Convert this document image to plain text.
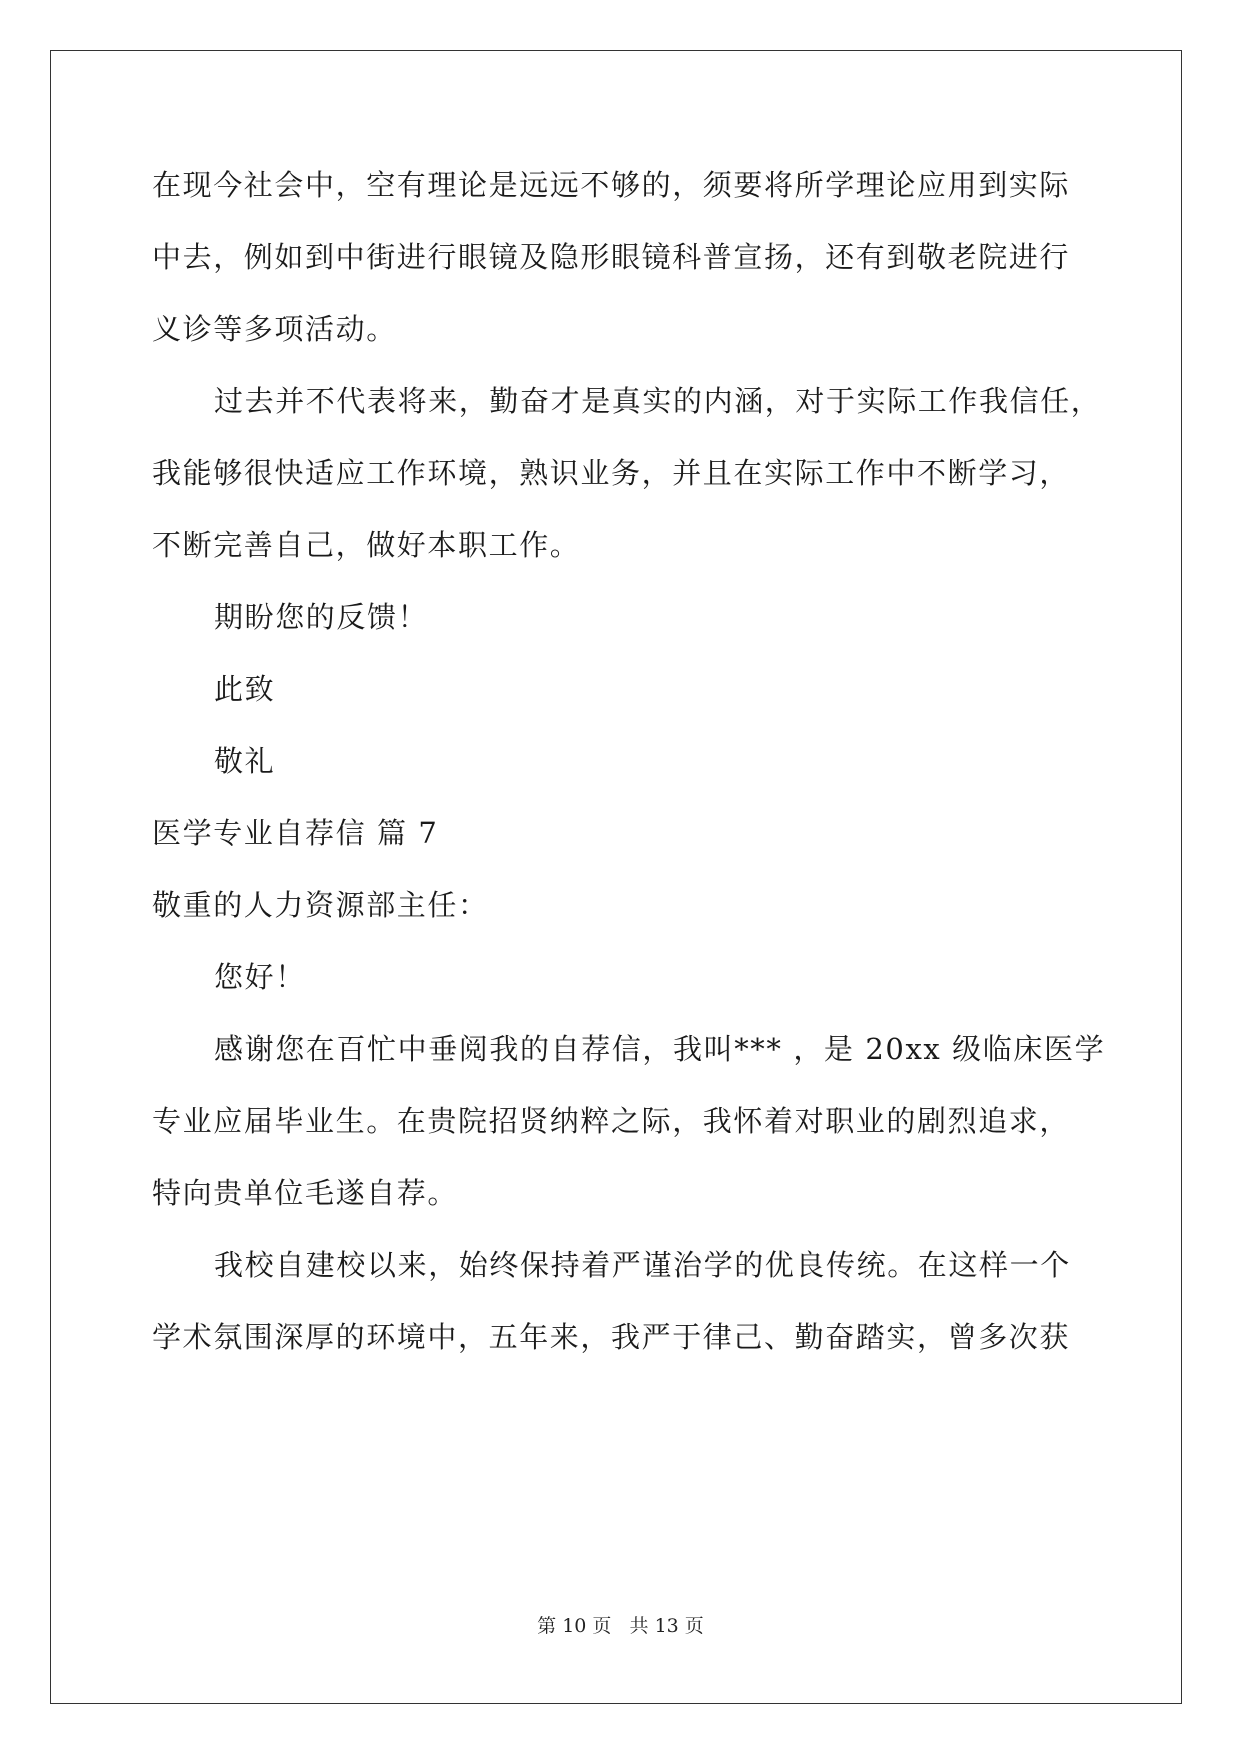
在现今社会中，空有理论是远远不够的，须要将所学理论应用到实际
中去，例如到中街进行眼镜及隐形眼镜科普宣扬，还有到敬老院进行
义诊等多项活动。
过去并不代表将来，勤奋才是真实的内涵，对于实际工作我信任，
我能够很快适应工作环境，熟识业务，并且在实际工作中不断学习，
不断完善自己，做好本职工作。
期盼您的反馈！
此致
敬礼
医学专业自荐信 篇 7
敬重的人力资源部主任：
您好！
感谢您在百忙中垂阅我的自荐信，我叫*** ，是 20xx 级临床医学
专业应届毕业生。在贵院招贤纳粹之际，我怀着对职业的剧烈追求，
特向贵单位毛遂自荐。
我校自建校以来，始终保持着严谨治学的优良传统。在这样一个
学术氛围深厚的环境中，五年来，我严于律己、勤奋踏实，曾多次获
第 10 页   共 13 页
